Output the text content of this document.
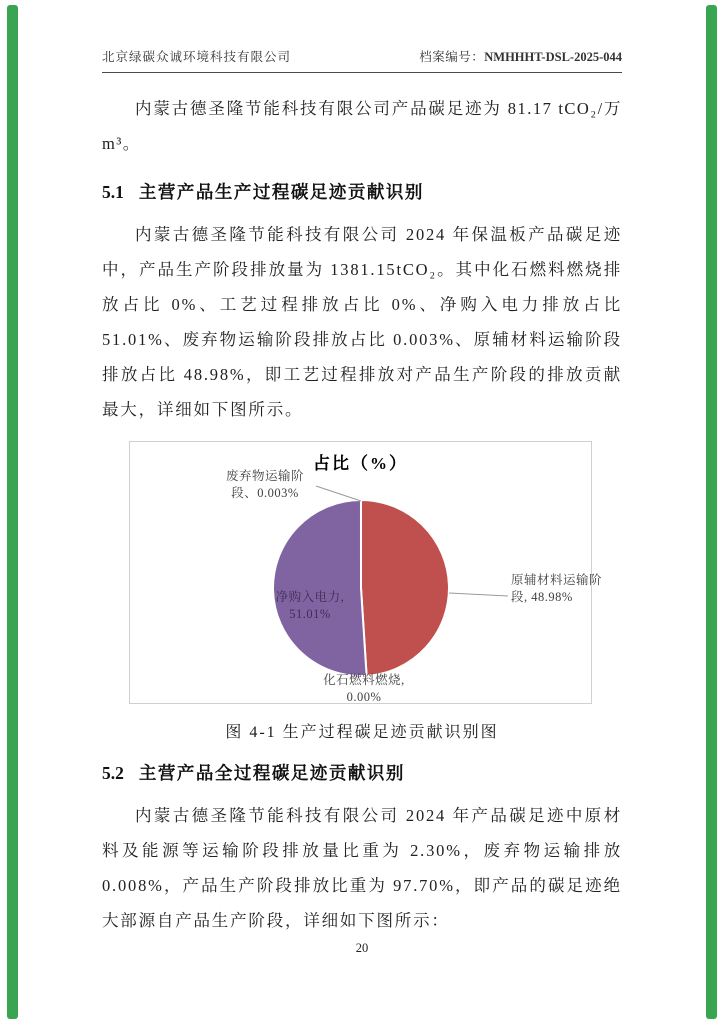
北京绿碳众诚环境科技有限公司	档案编号：NMHHHT-DSL-2025-044

内蒙古德圣隆节能科技有限公司产品碳足迹为 81.17 tCO₂/万 m³。

5.1 主营产品生产过程碳足迹贡献识别

内蒙古德圣隆节能科技有限公司 2024 年保温板产品碳足迹中，产品生产阶段排放量为 1381.15tCO₂。其中化石燃料燃烧排放占比 0%、工艺过程排放占比 0%、净购入电力排放占比 51.01%、废弃物运输阶段排放占比 0.003%、原辅材料运输阶段排放占比 48.98%，即工艺过程排放对产品生产阶段的排放贡献最大，详细如下图所示。

占比（%）
废弃物运输阶段、0.003%
原辅材料运输阶段, 48.98%
净购入电力, 51.01%
化石燃料燃烧, 0.00%
图 4-1 生产过程碳足迹贡献识别图
5.2 主营产品全过程碳足迹贡献识别

内蒙古德圣隆节能科技有限公司 2024 年产品碳足迹中原材料及能源等运输阶段排放量比重为 2.30%，废弃物运输排放 0.008%，产品生产阶段排放比重为 97.70%，即产品的碳足迹绝大部源自产品生产阶段，详细如下图所示：

20
